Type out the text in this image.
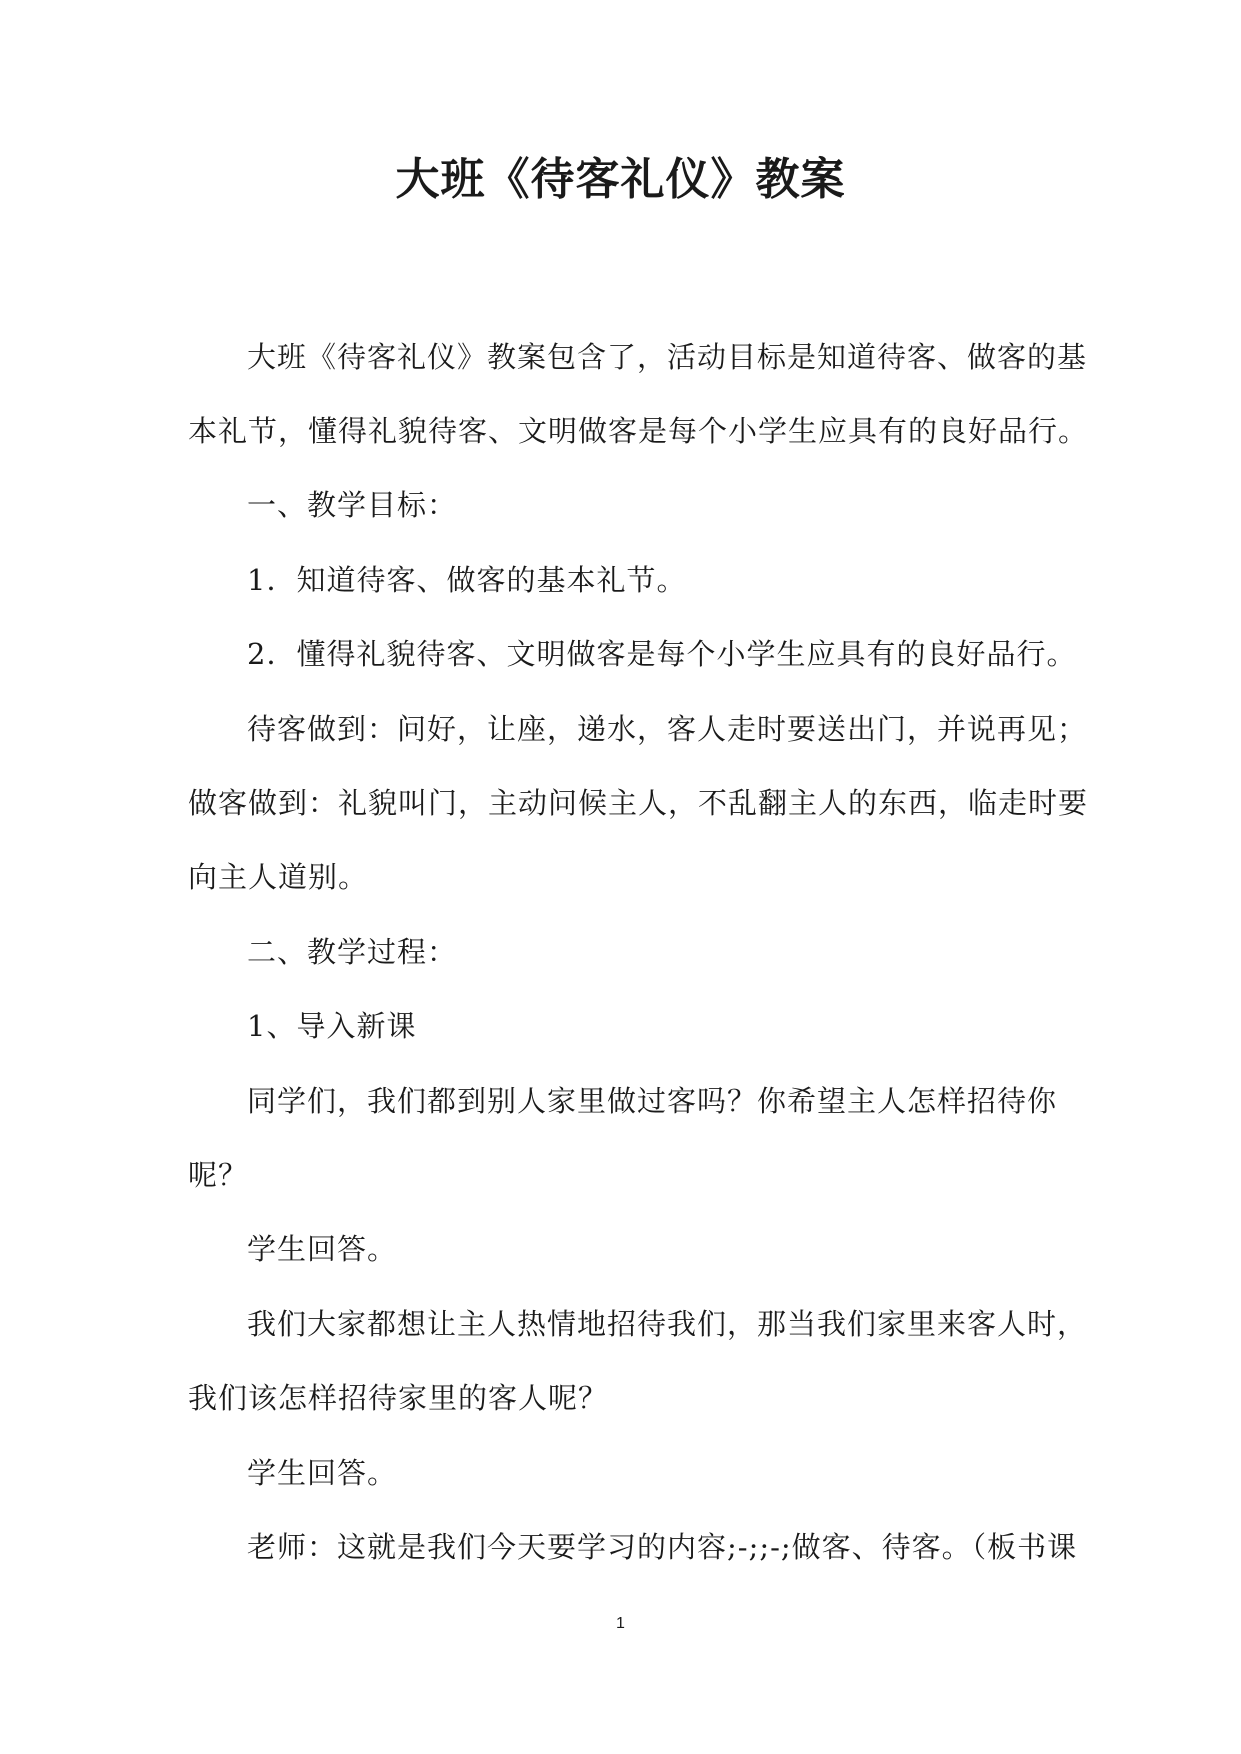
大班《待客礼仪》教案
大班《待客礼仪》教案包含了，活动目标是知道待客、做客的基
本礼节，懂得礼貌待客、文明做客是每个小学生应具有的良好品行。
一、教学目标：
1．知道待客、做客的基本礼节。
2．懂得礼貌待客、文明做客是每个小学生应具有的良好品行。
待客做到：问好，让座，递水，客人走时要送出门，并说再见；
做客做到：礼貌叫门，主动问候主人，不乱翻主人的东西，临走时要
向主人道别。
二、教学过程：
1、导入新课
同学们，我们都到别人家里做过客吗？你希望主人怎样招待你
呢？
学生回答。
我们大家都想让主人热情地招待我们，那当我们家里来客人时，
我们该怎样招待家里的客人呢？
学生回答。
老师：这就是我们今天要学习的内容;-;;-;做客、待客。（板书课
1
